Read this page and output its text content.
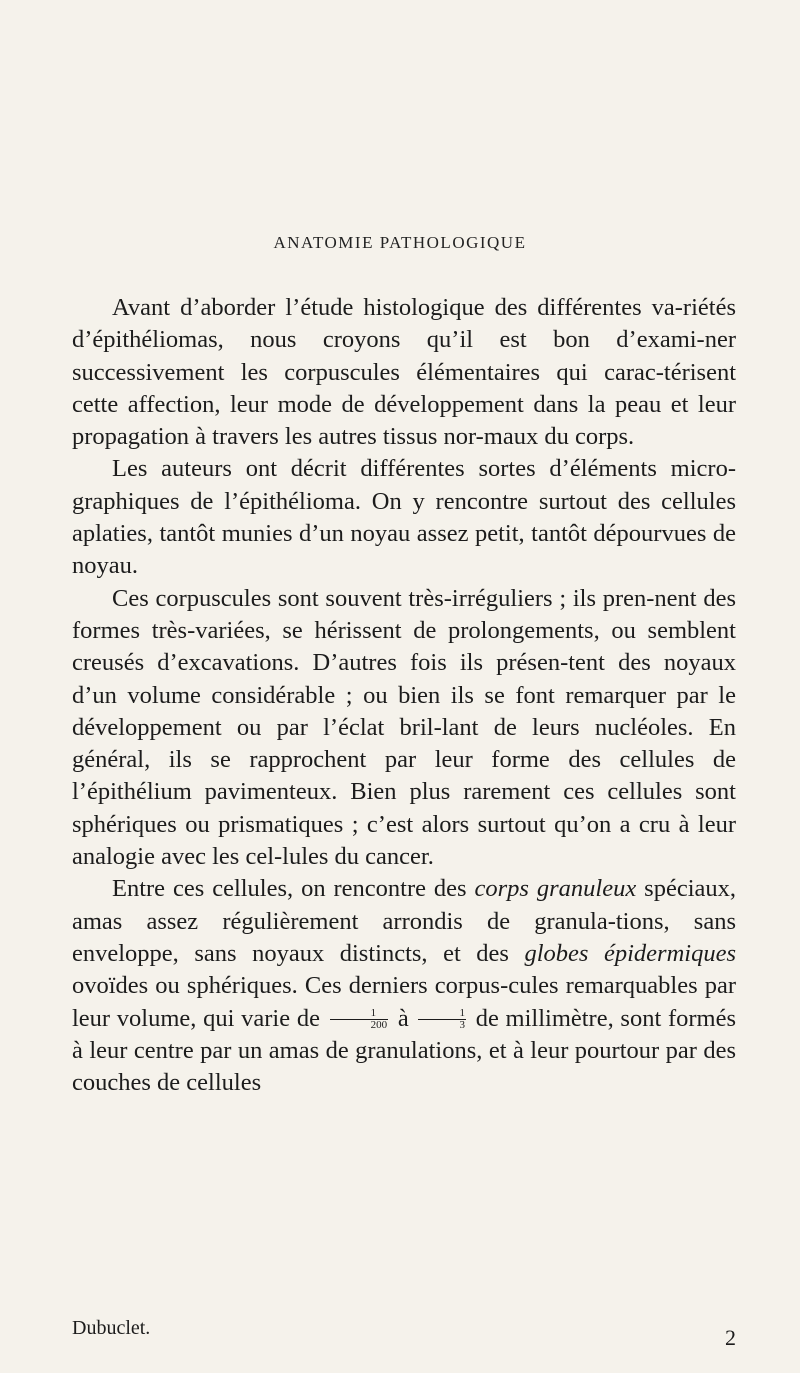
ANATOMIE PATHOLOGIQUE

Avant d’aborder l’étude histologique des différentes va-riétés d’épithéliomas, nous croyons qu’il est bon d’exami-ner successivement les corpuscules élémentaires qui carac-térisent cette affection, leur mode de développement dans la peau et leur propagation à travers les autres tissus nor-maux du corps.

Les auteurs ont décrit différentes sortes d’éléments micro-graphiques de l’épithélioma. On y rencontre surtout des cellules aplaties, tantôt munies d’un noyau assez petit, tantôt dépourvues de noyau.

Ces corpuscules sont souvent très-irréguliers ; ils pren-nent des formes très-variées, se hérissent de prolongements, ou semblent creusés d’excavations. D’autres fois ils présen-tent des noyaux d’un volume considérable ; ou bien ils se font remarquer par le développement ou par l’éclat bril-lant de leurs nucléoles. En général, ils se rapprochent par leur forme des cellules de l’épithélium pavimenteux. Bien plus rarement ces cellules sont sphériques ou prismatiques ; c’est alors surtout qu’on a cru à leur analogie avec les cel-lules du cancer.

Entre ces cellules, on rencontre des corps granuleux spéciaux, amas assez régulièrement arrondis de granula-tions, sans enveloppe, sans noyaux distincts, et des globes épidermiques ovoïdes ou sphériques. Ces derniers corpus-cules remarquables par leur volume, qui varie de $\frac{1}{200}$ à $\frac{1}{3}$ de millimètre, sont formés à leur centre par un amas de granulations, et à leur pourtour par des couches de cellules

Dubuclet.	2
